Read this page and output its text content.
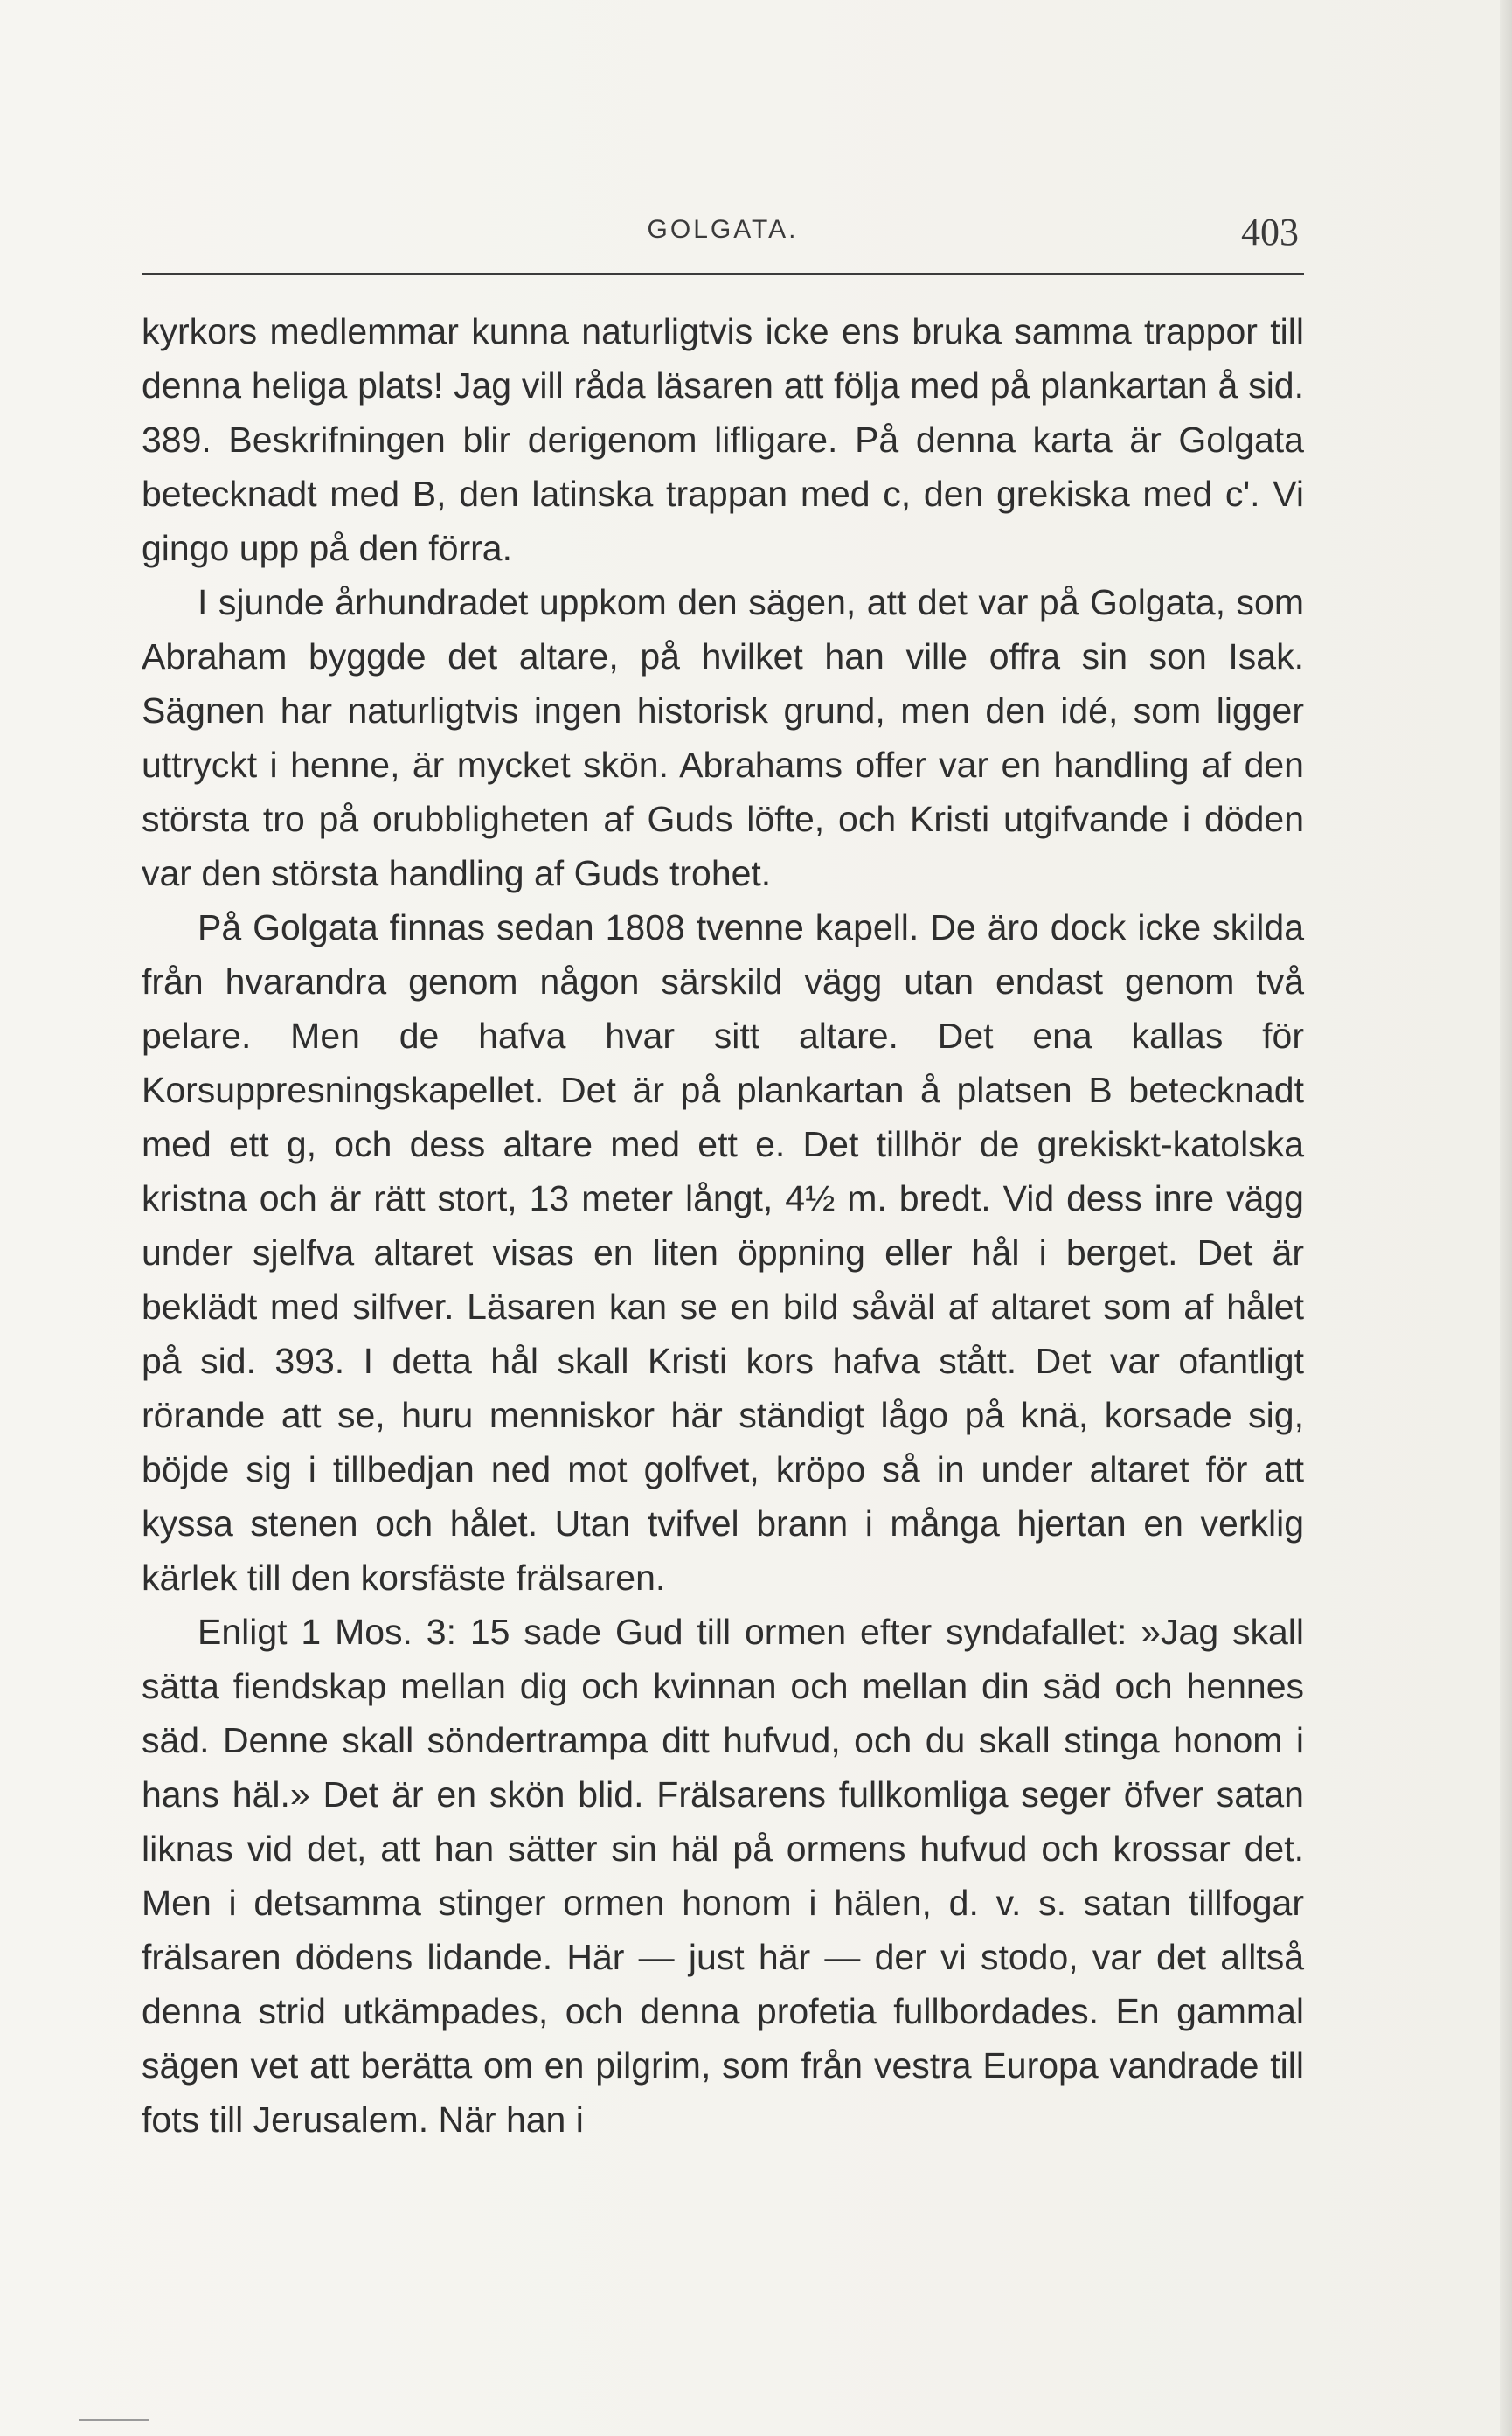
GOLGATA.	403

kyrkors medlemmar kunna naturligtvis icke ens bruka samma trappor till denna heliga plats! Jag vill råda läsaren att följa med på plankartan å sid. 389. Beskrifningen blir derigenom lifligare. På denna karta är Golgata betecknadt med B, den latinska trappan med c, den grekiska med c'. Vi gingo upp på den förra.

I sjunde århundradet uppkom den sägen, att det var på Golgata, som Abraham byggde det altare, på hvilket han ville offra sin son Isak. Sägnen har naturligtvis ingen historisk grund, men den idé, som ligger uttryckt i henne, är mycket skön. Abrahams offer var en handling af den största tro på orubbligheten af Guds löfte, och Kristi utgifvande i döden var den största handling af Guds trohet.

På Golgata finnas sedan 1808 tvenne kapell. De äro dock icke skilda från hvarandra genom någon särskild vägg utan endast genom två pelare. Men de hafva hvar sitt altare. Det ena kallas för Korsuppresningskapellet. Det är på plankartan å platsen B betecknadt med ett g, och dess altare med ett e. Det tillhör de grekiskt-katolska kristna och är rätt stort, 13 meter långt, 4½ m. bredt. Vid dess inre vägg under sjelfva altaret visas en liten öppning eller hål i berget. Det är beklädt med silfver. Läsaren kan se en bild såväl af altaret som af hålet på sid. 393. I detta hål skall Kristi kors hafva stått. Det var ofantligt rörande att se, huru menniskor här ständigt lågo på knä, korsade sig, böjde sig i tillbedjan ned mot golfvet, kröpo så in under altaret för att kyssa stenen och hålet. Utan tvifvel brann i många hjertan en verklig kärlek till den korsfäste frälsaren.

Enligt 1 Mos. 3: 15 sade Gud till ormen efter syndafallet: »Jag skall sätta fiendskap mellan dig och kvinnan och mellan din säd och hennes säd. Denne skall söndertrampa ditt hufvud, och du skall stinga honom i hans häl.» Det är en skön blid. Frälsarens fullkomliga seger öfver satan liknas vid det, att han sätter sin häl på ormens hufvud och krossar det. Men i detsamma stinger ormen honom i hälen, d. v. s. satan tillfogar frälsaren dödens lidande. Här — just här — der vi stodo, var det alltså denna strid utkämpades, och denna profetia fullbordades. En gammal sägen vet att berätta om en pilgrim, som från vestra Europa vandrade till fots till Jerusalem. När han i
